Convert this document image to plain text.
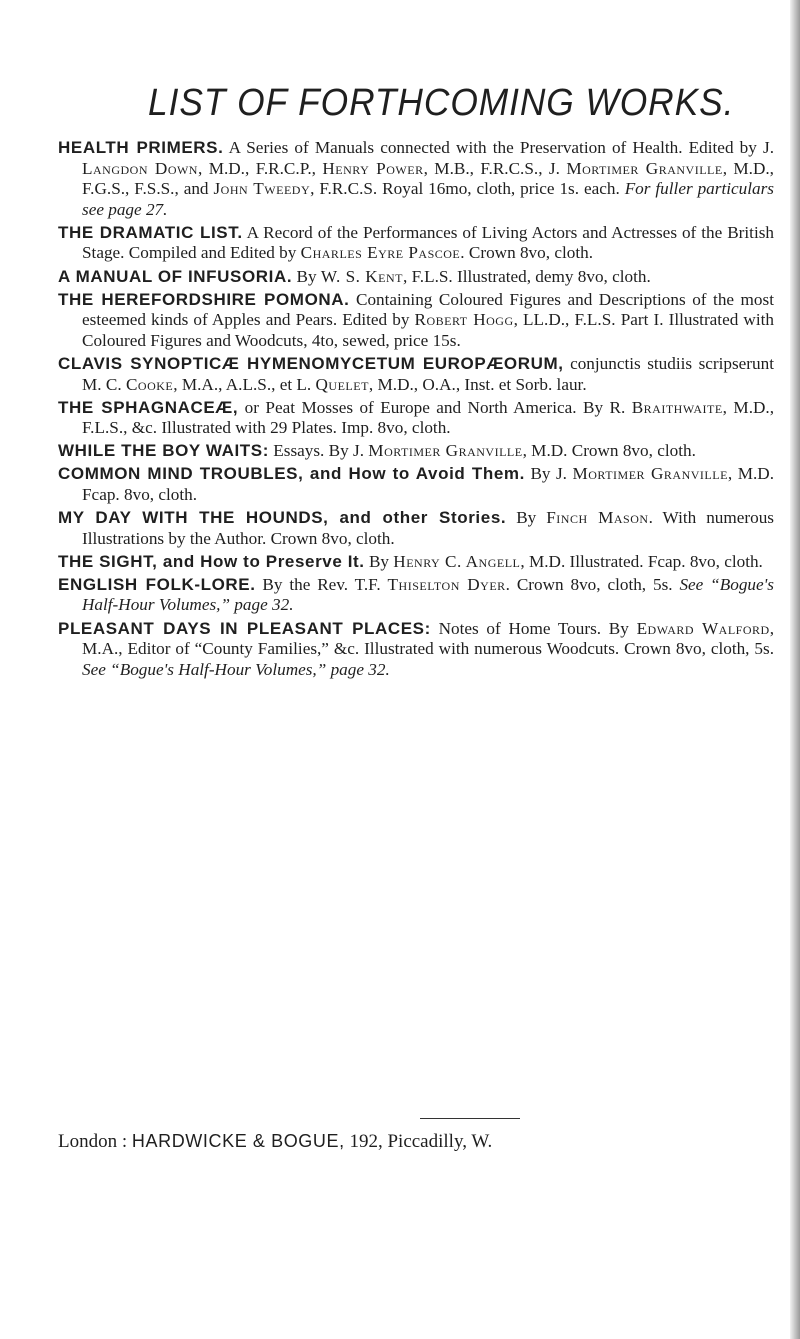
LIST OF FORTHCOMING WORKS.
HEALTH PRIMERS. A Series of Manuals connected with the Preservation of Health. Edited by J. Langdon Down, M.D., F.R.C.P., Henry Power, M.B., F.R.C.S., J. Mortimer Granville, M.D., F.G.S., F.S.S., and John Tweedy, F.R.C.S. Royal 16mo, cloth, price 1s. each. For fuller particulars see page 27.
THE DRAMATIC LIST. A Record of the Performances of Living Actors and Actresses of the British Stage. Compiled and Edited by Charles Eyre Pascoe. Crown 8vo, cloth.
A MANUAL OF INFUSORIA. By W. S. Kent, F.L.S. Illustrated, demy 8vo, cloth.
THE HEREFORDSHIRE POMONA. Containing Coloured Figures and Descriptions of the most esteemed kinds of Apples and Pears. Edited by Robert Hogg, LL.D., F.L.S. Part I. Illustrated with Coloured Figures and Woodcuts, 4to, sewed, price 15s.
CLAVIS SYNOPTICÆ HYMENOMYCETUM EUROPÆORUM, conjunctis studiis scripserunt M. C. Cooke, M.A., A.L.S., et L. Quelet, M.D., O.A., Inst. et Sorb. laur.
THE SPHAGNACEÆ, or Peat Mosses of Europe and North America. By R. Braithwaite, M.D., F.L.S., &c. Illustrated with 29 Plates. Imp. 8vo, cloth.
WHILE THE BOY WAITS: Essays. By J. Mortimer Granville, M.D. Crown 8vo, cloth.
COMMON MIND TROUBLES, and How to Avoid Them. By J. Mortimer Granville, M.D. Fcap. 8vo, cloth.
MY DAY WITH THE HOUNDS, and other Stories. By Finch Mason. With numerous Illustrations by the Author. Crown 8vo, cloth.
THE SIGHT, and How to Preserve It. By Henry C. Angell, M.D. Illustrated. Fcap. 8vo, cloth.
ENGLISH FOLK-LORE. By the Rev. T.F. Thiselton Dyer. Crown 8vo, cloth, 5s. See “Bogue's Half-Hour Volumes,” page 32.
PLEASANT DAYS IN PLEASANT PLACES: Notes of Home Tours. By Edward Walford, M.A., Editor of “County Families,” &c. Illustrated with numerous Woodcuts. Crown 8vo, cloth, 5s. See “Bogue's Half-Hour Volumes,” page 32.

London : HARDWICKE & BOGUE, 192, Piccadilly, W.
